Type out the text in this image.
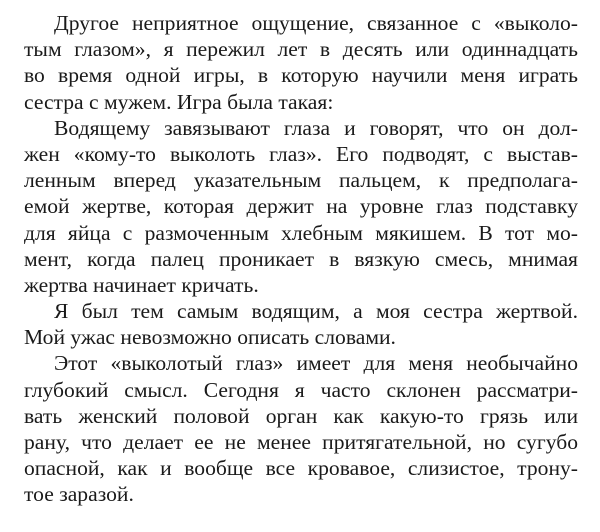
Другое неприятное ощущение, связанное с «выколо-
тым глазом», я пережил лет в десять или одиннадцать
во время одной игры, в которую научили меня играть
сестра с мужем. Игра была такая:
Водящему завязывают глаза и говорят, что он дол-
жен «кому-то выколоть глаз». Его подводят, с выстав-
ленным вперед указательным пальцем, к предполага-
емой жертве, которая держит на уровне глаз подставку
для яйца с размоченным хлебным мякишем. В тот мо-
мент, когда палец проникает в вязкую смесь, мнимая
жертва начинает кричать.
Я был тем самым водящим, а моя сестра жертвой.
Мой ужас невозможно описать словами.
Этот «выколотый глаз» имеет для меня необычайно
глубокий смысл. Сегодня я часто склонен рассматри-
вать женский половой орган как какую-то грязь или
рану, что делает ее не менее притягательной, но сугубо
опасной, как и вообще все кровавое, слизистое, трону-
тое заразой.
